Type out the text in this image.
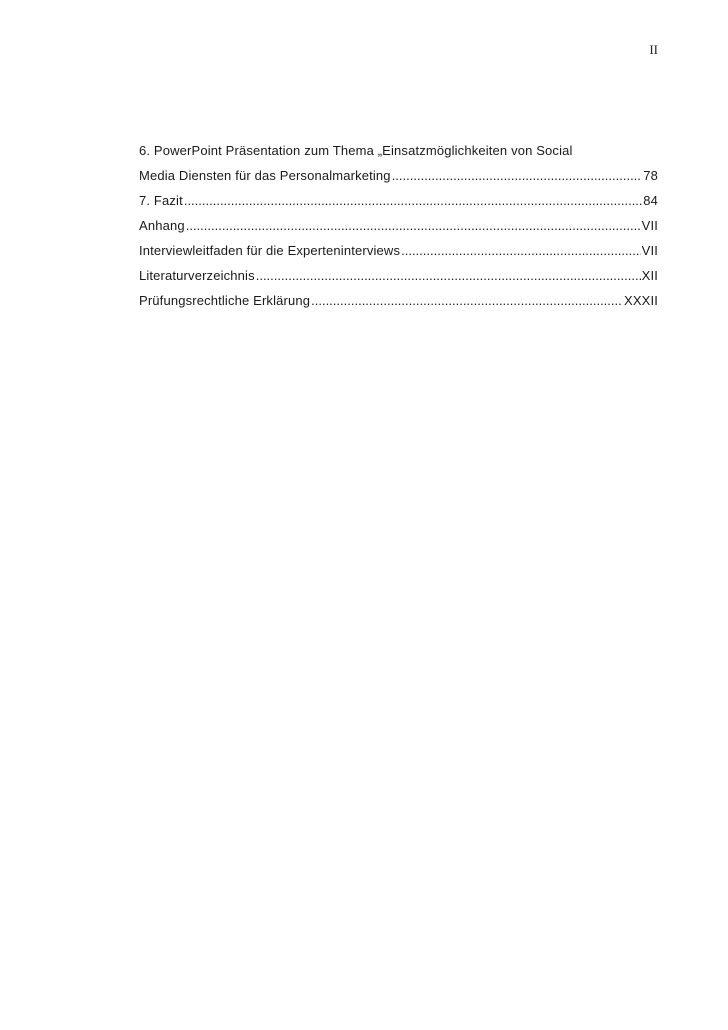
II
6. PowerPoint Präsentation zum Thema „Einsatzmöglichkeiten von Social
Media Diensten für das Personalmarketing .....	78
7. Fazit .....	84
Anhang .....	VII
Interviewleitfaden für die Experteninterviews .....	VII
Literaturverzeichnis .....	XII
Prüfungsrechtliche Erklärung .....	XXXII
